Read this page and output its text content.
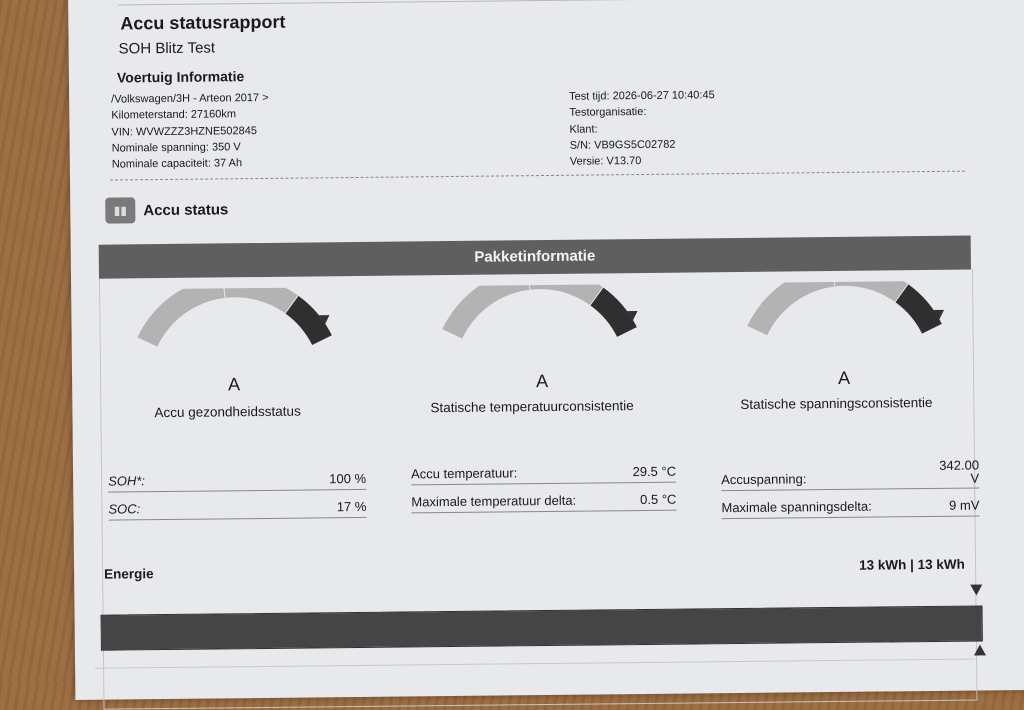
Accu statusrapport
SOH Blitz Test
Voertuig Informatie
/Volkswagen/3H - Arteon 2017 >
Kilometerstand: 27160km
VIN: WVWZZZ3HZNE502845
Nominale spanning: 350 V
Nominale capaciteit: 37 Ah
Test tijd: 2026-06-27 10:40:45
Testorganisatie:
Klant:
S/N: VB9GS5C02782
Versie: V13.70
▮▮ Accu status
Pakketinformatie
A	A	A
Accu gezondheidsstatus	Statische temperatuurconsistentie	Statische spanningsconsistentie
SOH*:	100 %
SOC:	17 %
Accu temperatuur:	29.5 °C
Maximale temperatuur delta:	0.5 °C
Accuspanning:
342.00
V
Maximale spanningsdelta:	9 mV
Energie
13 kWh | 13 kWh
